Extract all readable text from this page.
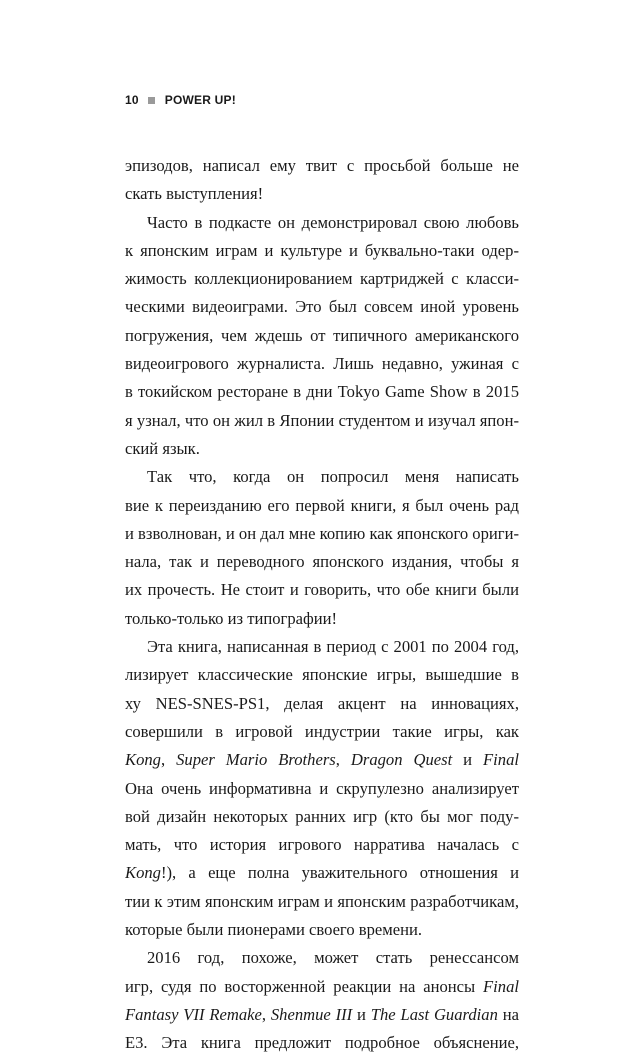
10 POWER UP!
эпизодов, написал ему твит с просьбой больше не
скать выступления!
Часто в подкасте он демонстрировал свою любовь
к японским играм и культуре и буквально-таки одер-
жимость коллекционированием картриджей с класси-
ческими видеоиграми. Это был совсем иной уровень
погружения, чем ждешь от типичного американского
видеоигрового журналиста. Лишь недавно, ужиная с
в токийском ресторане в дни Tokyo Game Show в 2015
я узнал, что он жил в Японии студентом и изучал япон-
ский язык.
Так что, когда он попросил меня написать
вие к переизданию его первой книги, я был очень рад
и взволнован, и он дал мне копию как японского ориги-
нала, так и переводного японского издания, чтобы я
их прочесть. Не стоит и говорить, что обе книги были
только-только из типографии!
Эта книга, написанная в период с 2001 по 2004 год,
лизирует классические японские игры, вышедшие в
ху NES-SNES-PS1, делая акцент на инновациях,
совершили в игровой индустрии такие игры, как
Kong, Super Mario Brothers, Dragon Quest и Final
Она очень информативна и скрупулезно анализирует
вой дизайн некоторых ранних игр (кто бы мог поду-
мать, что история игрового нарратива началась с
Kong!), а еще полна уважительного отношения и
тии к этим японским играм и японским разработчикам,
которые были пионерами своего времени.
2016 год, похоже, может стать ренессансом
игр, судя по восторженной реакции на анонсы Final
Fantasy VII Remake, Shenmue III и The Last Guardian на
E3. Эта книга предложит подробное объяснение,
